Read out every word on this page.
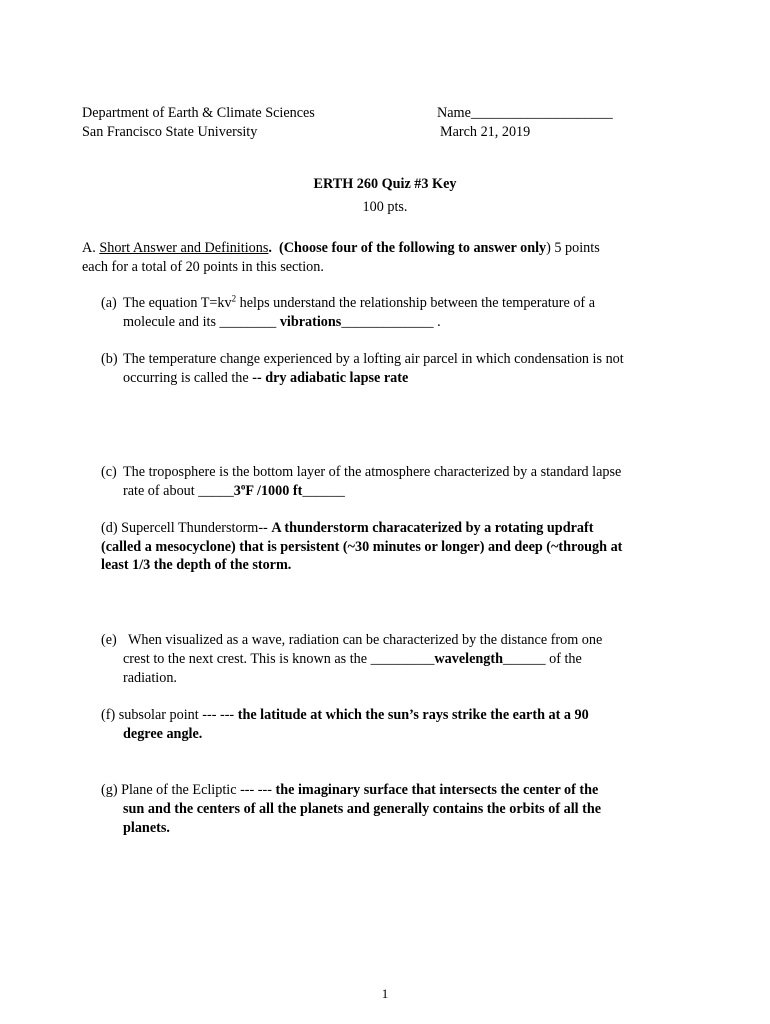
Department of Earth & Climate Sciences
San Francisco State University
Name____________________
March 21, 2019
ERTH 260 Quiz #3 Key
100 pts.
A. Short Answer and Definitions. (Choose four of the following to answer only) 5 points
each for a total of 20 points in this section.
(a) The equation $T=kv^2$ helps understand the relationship between the temperature of a
molecule and its ________ vibrations_____________ .
(b) The temperature change experienced by a lofting air parcel in which condensation is not
occurring is called the -- dry adiabatic lapse rate
(c) The troposphere is the bottom layer of the atmosphere characterized by a standard lapse
rate of about _____3$^o$F /1000 ft______
(d) Supercell Thunderstorm-- A thunderstorm characaterized by a rotating updraft
(called a mesocyclone) that is persistent (~30 minutes or longer) and deep (~through at
least 1/3 the depth of the storm.
(e) When visualized as a wave, radiation can be characterized by the distance from one
crest to the next crest. This is known as the _________wavelength______ of the
radiation.
(f) subsolar point --- --- the latitude at which the sun’s rays strike the earth at a 90
degree angle.
(g) Plane of the Ecliptic --- --- the imaginary surface that intersects the center of the
sun and the centers of all the planets and generally contains the orbits of all the
planets.
1
